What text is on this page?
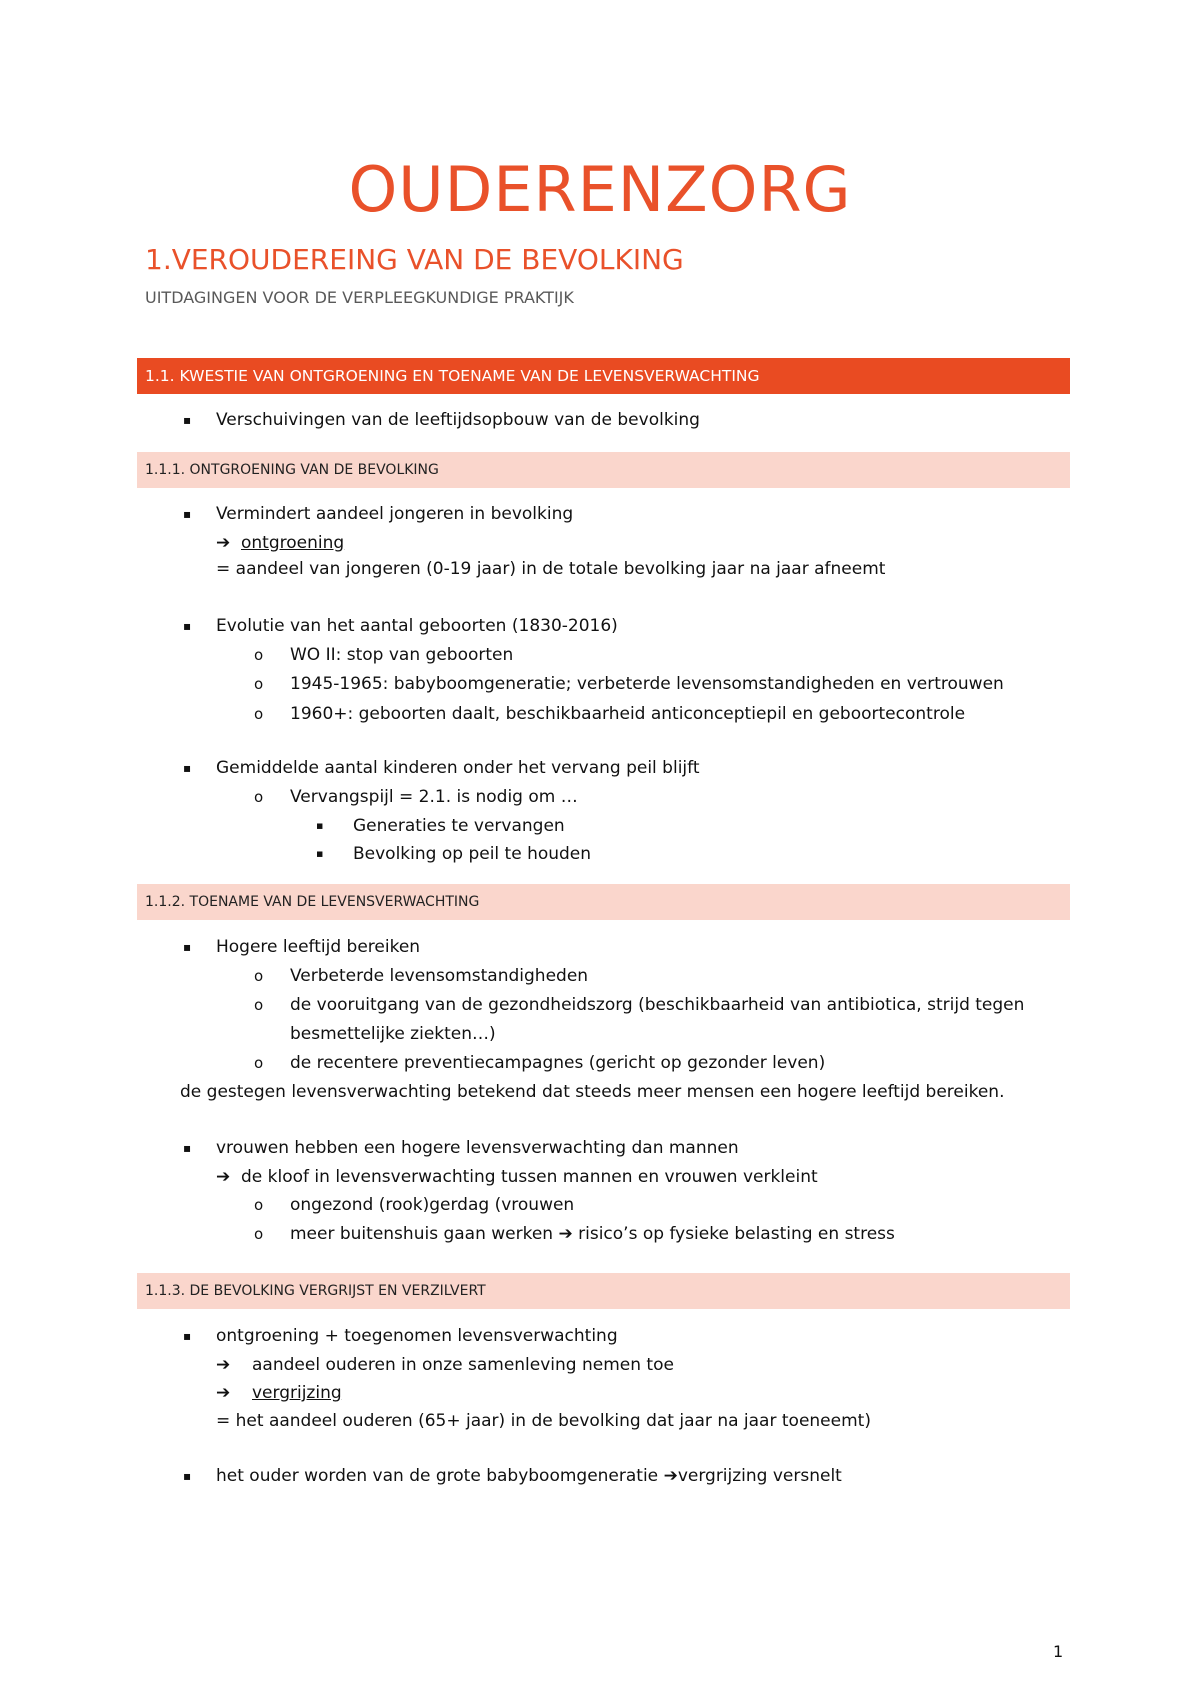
OUDERENZORG
1.VEROUDEREING VAN DE BEVOLKING
UITDAGINGEN VOOR DE VERPLEEGKUNDIGE PRAKTIJK
1.1. KWESTIE VAN ONTGROENING EN TOENAME VAN DE LEVENSVERWACHTING
▪ Verschuivingen van de leeftijdsopbouw van de bevolking
1.1.1. ONTGROENING VAN DE BEVOLKING
▪ Vermindert aandeel jongeren in bevolking
➔ ontgroening
= aandeel van jongeren (0-19 jaar) in de totale bevolking jaar na jaar afneemt
▪ Evolutie van het aantal geboorten (1830-2016)
o WO II: stop van geboorten
o 1945-1965: babyboomgeneratie; verbeterde levensomstandigheden en vertrouwen
o 1960+: geboorten daalt, beschikbaarheid anticonceptiepil en geboortecontrole
▪ Gemiddelde aantal kinderen onder het vervang peil blijft
o Vervangspijl = 2.1. is nodig om …
▪ Generaties te vervangen
▪ Bevolking op peil te houden
1.1.2. TOENAME VAN DE LEVENSVERWACHTING
▪ Hogere leeftijd bereiken
o Verbeterde levensomstandigheden
o de vooruitgang van de gezondheidszorg (beschikbaarheid van antibiotica, strijd tegen
besmettelijke ziekten…)
o de recentere preventiecampagnes (gericht op gezonder leven)
de gestegen levensverwachting betekend dat steeds meer mensen een hogere leeftijd bereiken.
▪ vrouwen hebben een hogere levensverwachting dan mannen
➔ de kloof in levensverwachting tussen mannen en vrouwen verkleint
o ongezond (rook)gerdag (vrouwen
o meer buitenshuis gaan werken ➔ risico’s op fysieke belasting en stress
1.1.3. DE BEVOLKING VERGRIJST EN VERZILVERT
▪ ontgroening + toegenomen levensverwachting
➔ aandeel ouderen in onze samenleving nemen toe
➔ vergrijzing
= het aandeel ouderen (65+ jaar) in de bevolking dat jaar na jaar toeneemt)
▪ het ouder worden van de grote babyboomgeneratie ➔vergrijzing versnelt
1
